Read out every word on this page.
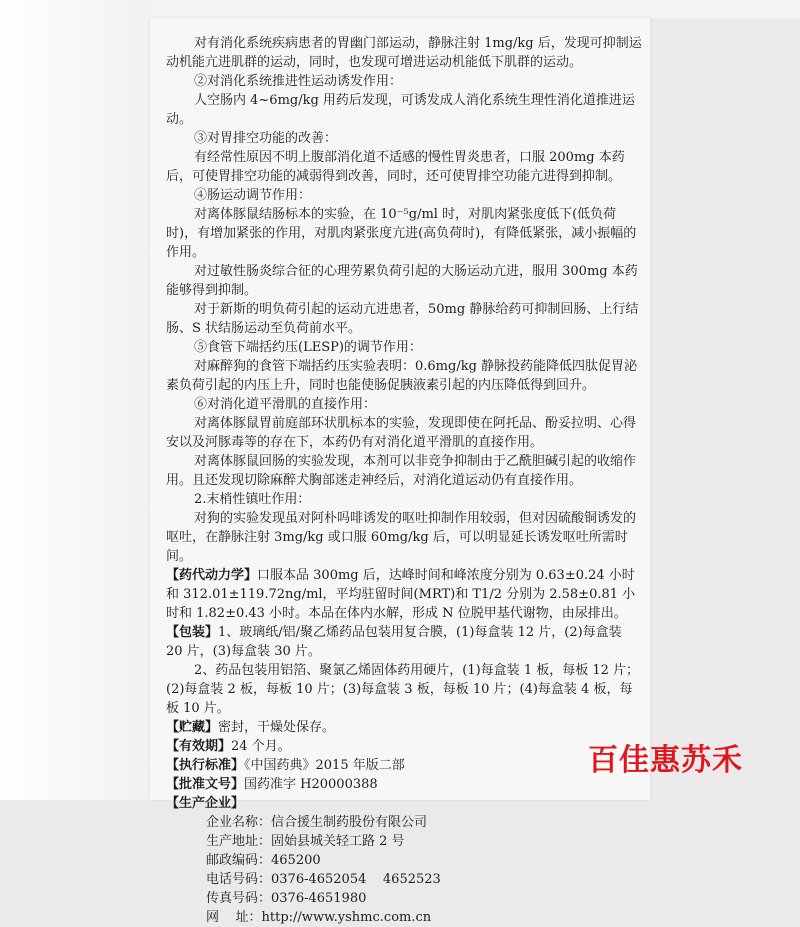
对有消化系统疾病患者的胃幽门部运动，静脉注射 1mg/kg 后，发现可抑制运动机能亢进肌群的运动，同时，也发现可增进运动机能低下肌群的运动。

②对消化系统推进性运动诱发作用：

人空肠内 4~6mg/kg 用药后发现，可诱发成人消化系统生理性消化道推进运动。

③对胃排空功能的改善：

有经常性原因不明上腹部消化道不适感的慢性胃炎患者，口服 200mg 本药后，可使胃排空功能的减弱得到改善，同时，还可使胃排空功能亢进得到抑制。

④肠运动调节作用：

对离体豚鼠结肠标本的实验，在 10⁻⁵g/ml 时，对肌肉紧张度低下(低负荷时)，有增加紧张的作用，对肌肉紧张度亢进(高负荷时)，有降低紧张，减小振幅的作用。

对过敏性肠炎综合征的心理劳累负荷引起的大肠运动亢进，服用 300mg 本药能够得到抑制。

对于新斯的明负荷引起的运动亢进患者，50mg 静脉给药可抑制回肠、上行结肠、S 状结肠运动至负荷前水平。

⑤食管下端括约压(LESP)的调节作用：

对麻醉狗的食管下端括约压实验表明：0.6mg/kg 静脉投药能降低四肽促胃泌素负荷引起的内压上升，同时也能使肠促胰液素引起的内压降低得到回升。

⑥对消化道平滑肌的直接作用：

对离体豚鼠胃前庭部环状肌标本的实验，发现即使在阿托品、酚妥拉明、心得安以及河豚毒等的存在下，本药仍有对消化道平滑肌的直接作用。

对离体豚鼠回肠的实验发现，本剂可以非竞争抑制由于乙酰胆碱引起的收缩作用。且还发现切除麻醉犬胸部迷走神经后，对消化道运动仍有直接作用。

2.末梢性镇吐作用：

对狗的实验发现虽对阿朴吗啡诱发的呕吐抑制作用较弱，但对因硫酸铜诱发的呕吐，在静脉注射 3mg/kg 或口服 60mg/kg 后，可以明显延长诱发呕吐所需时间。

【药代动力学】口服本品 300mg 后，达峰时间和峰浓度分别为 0.63±0.24 小时和 312.01±119.72ng/ml，平均驻留时间(MRT)和 T1/2 分别为 2.58±0.81 小时和 1.82±0.43 小时。本品在体内水解，形成 N 位脱甲基代谢物，由尿排出。

【包装】1、玻璃纸/铝/聚乙烯药品包装用复合膜，(1)每盒装 12 片，(2)每盒装 20 片，(3)每盒装 30 片。

2、药品包装用铝箔、聚氯乙烯固体药用硬片，(1)每盒装 1 板，每板 12 片；(2)每盒装 2 板，每板 10 片；(3)每盒装 3 板，每板 10 片；(4)每盒装 4 板，每板 10 片。

【贮藏】密封，干燥处保存。

【有效期】24 个月。

【执行标准】《中国药典》2015 年版二部

【批准文号】国药准字 H20000388

【生产企业】

企业名称：信合援生制药股份有限公司

生产地址：固始县城关轻工路 2 号

邮政编码：465200

电话号码：0376-4652054    4652523

传真号码：0376-4651980

网    址：http://www.yshmc.com.cn

百佳惠苏禾
